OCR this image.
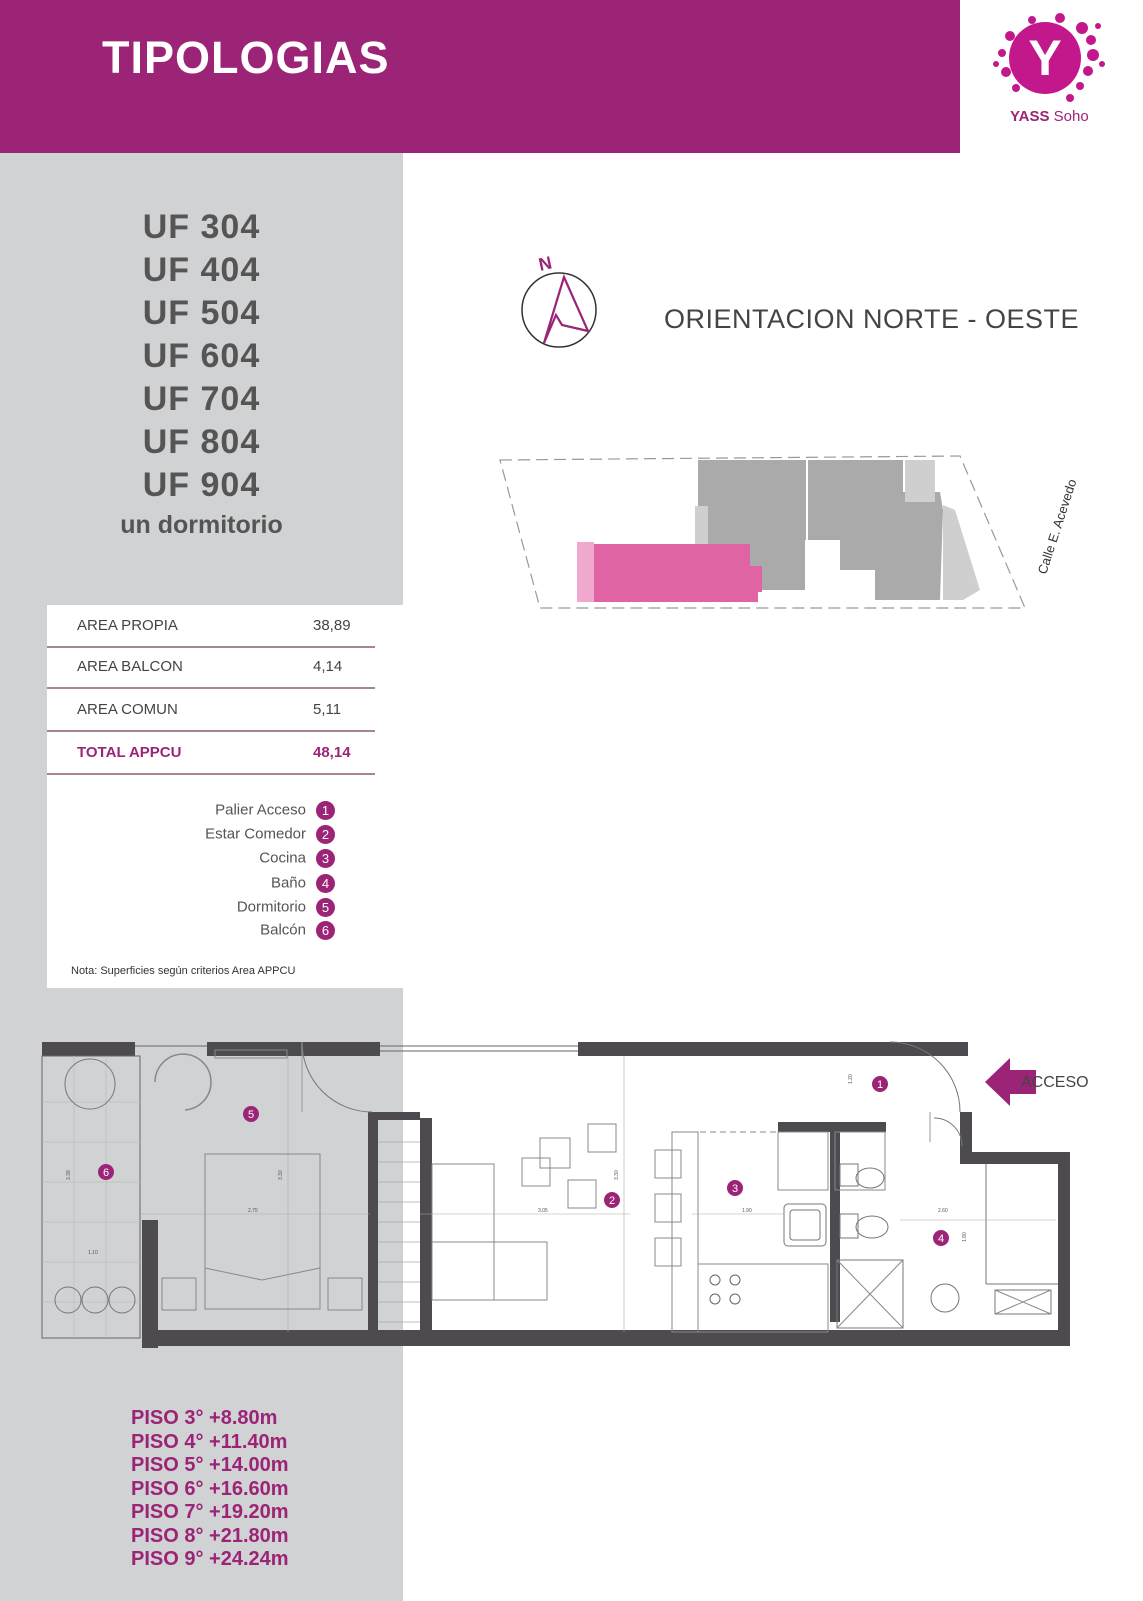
TIPOLOGIAS	Y
YASS Soho
UF 304
UF 404
UF 504
UF 604
UF 704
UF 804
UF 904
un dormitorio
AREA PROPIA	38,89
AREA BALCON	4,14
AREA COMUN	5,11
TOTAL APPCU	48,14
Palier Acceso 1
Estar Comedor 2
Cocina 3
Baño 4
Dormitorio 5
Balcón 6
Nota: Superficies según criterios Area APPCU
N
ORIENTACION NORTE - OESTE
Calle E. Acevedo
3.38
1.10
2.75
3.30
3.05
3.30
1.90
1.20
2.60
1.80
1
2
3
4
5
6
ACCESO
PISO 3° +8.80m
PISO 4° +11.40m
PISO 5° +14.00m
PISO 6° +16.60m
PISO 7° +19.20m
PISO 8° +21.80m
PISO 9° +24.24m
